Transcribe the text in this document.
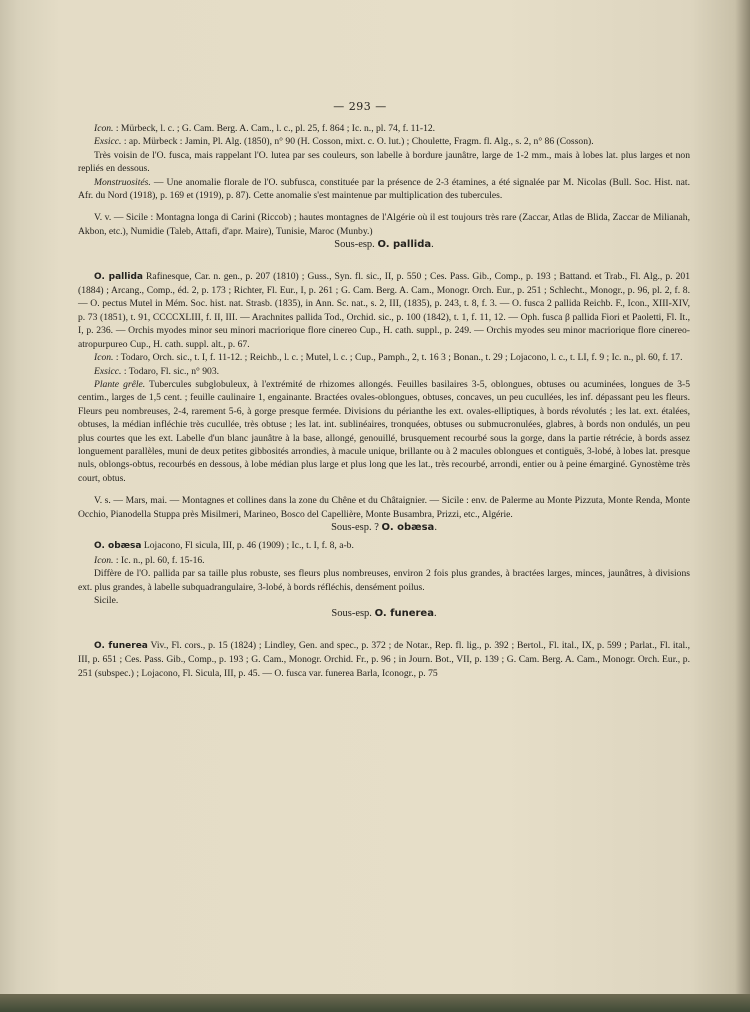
— 293 —

Icon. : Mürbeck, l. c. ; G. Cam. Berg. A. Cam., l. c., pl. 25, f. 864 ; Ic. n., pl. 74, f. 11-12.

Exsicc. : ap. Mürbeck : Jamin, Pl. Alg. (1850), n° 90 (H. Cosson, mixt. c. O. lut.) ; Choulette, Fragm. fl. Alg., s. 2, n° 86 (Cosson).

Très voisin de l'O. fusca, mais rappelant l'O. lutea par ses couleurs, son labelle à bordure jaunâtre, large de 1-2 mm., mais à lobes lat. plus larges et non repliés en dessous.

Monstruosités. — Une anomalie florale de l'O. subfusca, constituée par la présence de 2-3 étamines, a été signalée par M. Nicolas (Bull. Soc. Hist. nat. Afr. du Nord (1918), p. 169 et (1919), p. 87). Cette anomalie s'est maintenue par multiplication des tubercules.

V. v. — Sicile : Montagna longa di Carini (Riccob) ; hautes montagnes de l'Algérie où il est toujours très rare (Zaccar, Atlas de Blida, Zaccar de Milianah, Akbon, etc.), Numidie (Taleb, Attafi, d'apr. Maire), Tunisie, Maroc (Munby.)

Sous-esp. O. pallida.

O. pallida Rafinesque, Car. n. gen., p. 207 (1810) ; Guss., Syn. fl. sic., II, p. 550 ; Ces. Pass. Gib., Comp., p. 193 ; Battand. et Trab., Fl. Alg., p. 201 (1884) ; Arcang., Comp., éd. 2, p. 173 ; Richter, Fl. Eur., I, p. 261 ; G. Cam. Berg. A. Cam., Monogr. Orch. Eur., p. 251 ; Schlecht., Monogr., p. 96, pl. 2, f. 8. — O. pectus Mutel in Mém. Soc. hist. nat. Strasb. (1835), in Ann. Sc. nat., s. 2, III, (1835), p. 243, t. 8, f. 3. — O. fusca 2 pallida Reichb. F., Icon., XIII-XIV, p. 73 (1851), t. 91, CCCCXLIII, f. II, III. — Arachnites pallida Tod., Orchid. sic., p. 100 (1842), t. 1, f. 11, 12. — Oph. fusca β pallida Fiori et Paoletti, Fl. It., I, p. 236. — Orchis myodes minor seu minori macriorique flore cinereo Cup., H. cath. suppl., p. 249. — Orchis myodes seu minor macriorique flore cinereo-atropurpureo Cup., H. cath. suppl. alt., p. 67.

Icon. : Todaro, Orch. sic., t. I, f. 11-12. ; Reichb., l. c. ; Mutel, l. c. ; Cup., Pamph., 2, t. 16 3 ; Bonan., t. 29 ; Lojacono, l. c., t. LI, f. 9 ; Ic. n., pl. 60, f. 17.

Exsicc. : Todaro, Fl. sic., n° 903.

Plante grêle. Tubercules subglobuleux, à l'extrémité de rhizomes allongés. Feuilles basilaires 3-5, oblongues, obtuses ou acuminées, longues de 3-5 centim., larges de 1,5 cent. ; feuille caulinaire 1, engainante. Bractées ovales-oblongues, obtuses, concaves, un peu cucullées, les inf. dépassant peu les fleurs. Fleurs peu nombreuses, 2-4, rarement 5-6, à gorge presque fermée. Divisions du périanthe les ext. ovales-elliptiques, à bords révolutés ; les lat. ext. étalées, obtuses, la médian infléchie très cucullée, très obtuse ; les lat. int. sublinéaires, tronquées, obtuses ou submucronulées, glabres, à bords non ondulés, un peu plus courtes que les ext. Labelle d'un blanc jaunâtre à la base, allongé, genouillé, brusquement recourbé sous la gorge, dans la partie rétrécie, à bords assez longuement parallèles, muni de deux petites gibbosités arrondies, à macule unique, brillante ou à 2 macules oblongues et contiguës, 3-lobé, à lobes lat. presque nuls, oblongs-obtus, recourbés en dessous, à lobe médian plus large et plus long que les lat., très recourbé, arrondi, entier ou à peine émarginé. Gynostème très court, obtus.

V. s. — Mars, mai. — Montagnes et collines dans la zone du Chêne et du Châtaignier. — Sicile : env. de Palerme au Monte Pizzuta, Monte Renda, Monte Occhio, Pianodella Stuppa près Misilmeri, Marineo, Bosco del Capellière, Monte Busambra, Prizzi, etc., Algérie.

Sous-esp. ? O. obæsa.

O. obæsa Lojacono, Fl sicula, III, p. 46 (1909) ; Ic., t. I, f. 8, a-b.

Icon. : Ic. n., pl. 60, f. 15-16.

Diffère de l'O. pallida par sa taille plus robuste, ses fleurs plus nombreuses, environ 2 fois plus grandes, à bractées larges, minces, jaunâtres, à divisions ext. plus grandes, à labelle subquadrangulaire, 3-lobé, à bords réfléchis, densément poilus.

Sicile.

Sous-esp. O. funerea.

O. funerea Viv., Fl. cors., p. 15 (1824) ; Lindley, Gen. and spec., p. 372 ; de Notar., Rep. fl. lig., p. 392 ; Bertol., Fl. ital., IX, p. 599 ; Parlat., Fl. ital., III, p. 651 ; Ces. Pass. Gib., Comp., p. 193 ; G. Cam., Monogr. Orchid. Fr., p. 96 ; in Journ. Bot., VII, p. 139 ; G. Cam. Berg. A. Cam., Monogr. Orch. Eur., p. 251 (subspec.) ; Lojacono, Fl. Sicula, III, p. 45. — O. fusca var. funerea Barla, Iconogr., p. 75
